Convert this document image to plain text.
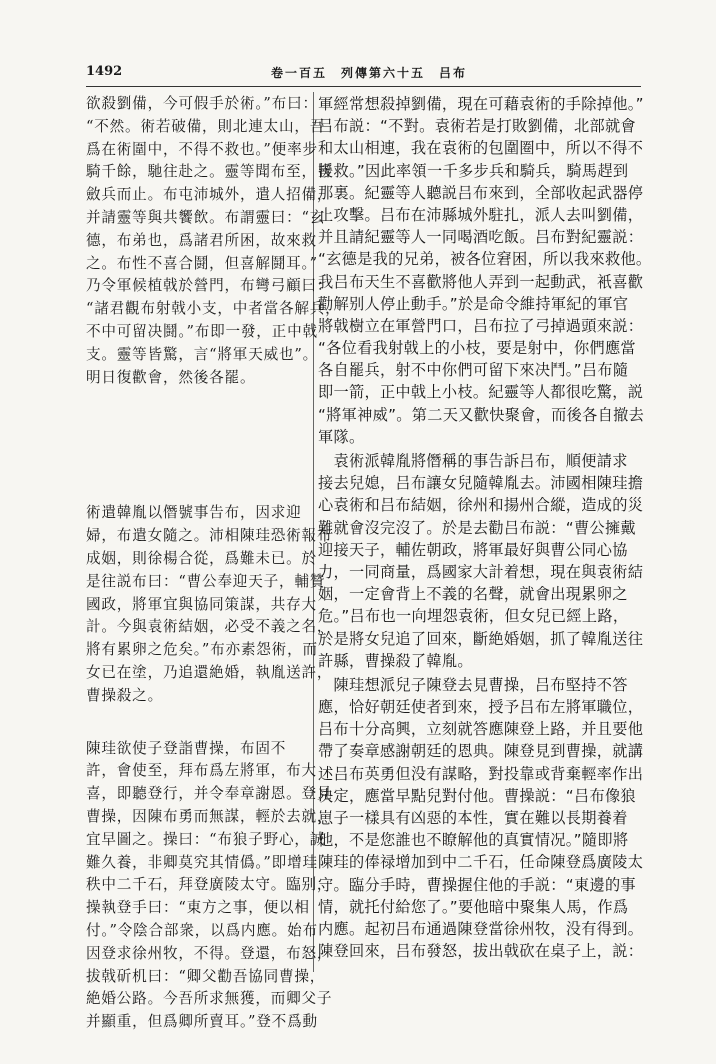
1492	卷一百五　列傳第六十五　吕布
欲殺劉備，今可假手於術。”布曰：
“不然。術若破備，則北連太山，吾
爲在術圍中，不得不救也。”便率步
騎千餘，馳往赴之。靈等聞布至，皆
斂兵而止。布屯沛城外，遣人招備，
并請靈等與共饗飲。布謂靈曰：“玄
德，布弟也，爲諸君所困，故來救
之。布性不喜合鬪，但喜解鬪耳。”
乃令軍候植戟於營門，布彎弓顧曰：
“諸君觀布射戟小支，中者當各解兵，
不中可留决鬪。”布即一發，正中戟
支。靈等皆驚，言“將軍天威也”。
明日復歡會，然後各罷。
術遣韓胤以僭號事告布，因求迎
婦，布遣女隨之。沛相陳珪恐術報布
成姻，則徐楊合從，爲難未已。於
是往説布曰：“曹公奉迎天子，輔贊
國政，將軍宜與協同策謀，共存大
計。今與袁術結姻，必受不義之名，
將有累卵之危矣。”布亦素怨術，而
女已在塗，乃追還絶婚，執胤送許，
曹操殺之。
陳珪欲使子登詣曹操，布固不
許，會使至，拜布爲左將軍，布大
喜，即聽登行，并令奉章謝恩。登見
曹操，因陳布勇而無謀，輕於去就，
宜早圖之。操曰：“布狼子野心，誠
難久養，非卿莫究其情僞。”即增珪
秩中二千石，拜登廣陵太守。臨别，
操執登手曰：“東方之事，便以相
付。”令陰合部衆，以爲内應。始布
因登求徐州牧，不得。登還，布怒，
拔戟斫机曰：“卿父勸吾協同曹操，
絶婚公路。今吾所求無獲，而卿父子
并顯重，但爲卿所賣耳。”登不爲動
軍經常想殺掉劉備，現在可藉袁術的手除掉他。”
吕布説：“不對。袁術若是打敗劉備，北部就會
和太山相連，我在袁術的包圍圈中，所以不得不
援救。”因此率領一千多步兵和騎兵，騎馬趕到
那裏。紀靈等人聽説吕布來到，全部收起武器停
止攻擊。吕布在沛縣城外駐扎，派人去叫劉備，
并且請紀靈等人一同喝酒吃飯。吕布對紀靈説：
“玄德是我的兄弟，被各位窘困，所以我來救他。
我吕布天生不喜歡將他人弄到一起動武，衹喜歡
勸解别人停止動手。”於是命令維持軍紀的軍官
將戟樹立在軍營門口，吕布拉了弓掉過頭來説：
“各位看我射戟上的小枝，要是射中，你們應當
各自罷兵，射不中你們可留下來决鬥。”吕布隨
即一箭，正中戟上小枝。紀靈等人都很吃驚，説
“將軍神威”。第二天又歡快聚會，而後各自撤去
軍隊。
　袁術派韓胤將僭稱的事告訴吕布，順便請求
接去兒媳，吕布讓女兒隨韓胤去。沛國相陳珪擔
心袁術和吕布結姻，徐州和揚州合縱，造成的災
難就會沒完沒了。於是去勸吕布説：“曹公擁戴
迎接天子，輔佐朝政，將軍最好與曹公同心協
力，一同商量，爲國家大計着想，現在與袁術結
姻，一定會背上不義的名聲，就會出現累卵之
危。”吕布也一向埋怨袁術，但女兒已經上路，
於是將女兒追了回來，斷絶婚姻，抓了韓胤送往
許縣，曹操殺了韓胤。
　陳珪想派兒子陳登去見曹操，吕布堅持不答
應，恰好朝廷使者到來，授予吕布左將軍職位，
吕布十分高興，立刻就答應陳登上路，并且要他
帶了奏章感謝朝廷的恩典。陳登見到曹操，就講
述吕布英勇但没有謀略，對投靠或背棄輕率作出
决定，應當早點兒對付他。曹操説：“吕布像狼
崽子一樣具有凶惡的本性，實在難以長期養着
他，不是您誰也不瞭解他的真實情况。”隨即將
陳珪的俸禄增加到中二千石，任命陳登爲廣陵太
守。臨分手時，曹操握住他的手説：“東邊的事
情，就托付給您了。”要他暗中聚集人馬，作爲
内應。起初吕布通過陳登當徐州牧，没有得到。
陳登回來，吕布發怒，拔出戟砍在桌子上，説：
